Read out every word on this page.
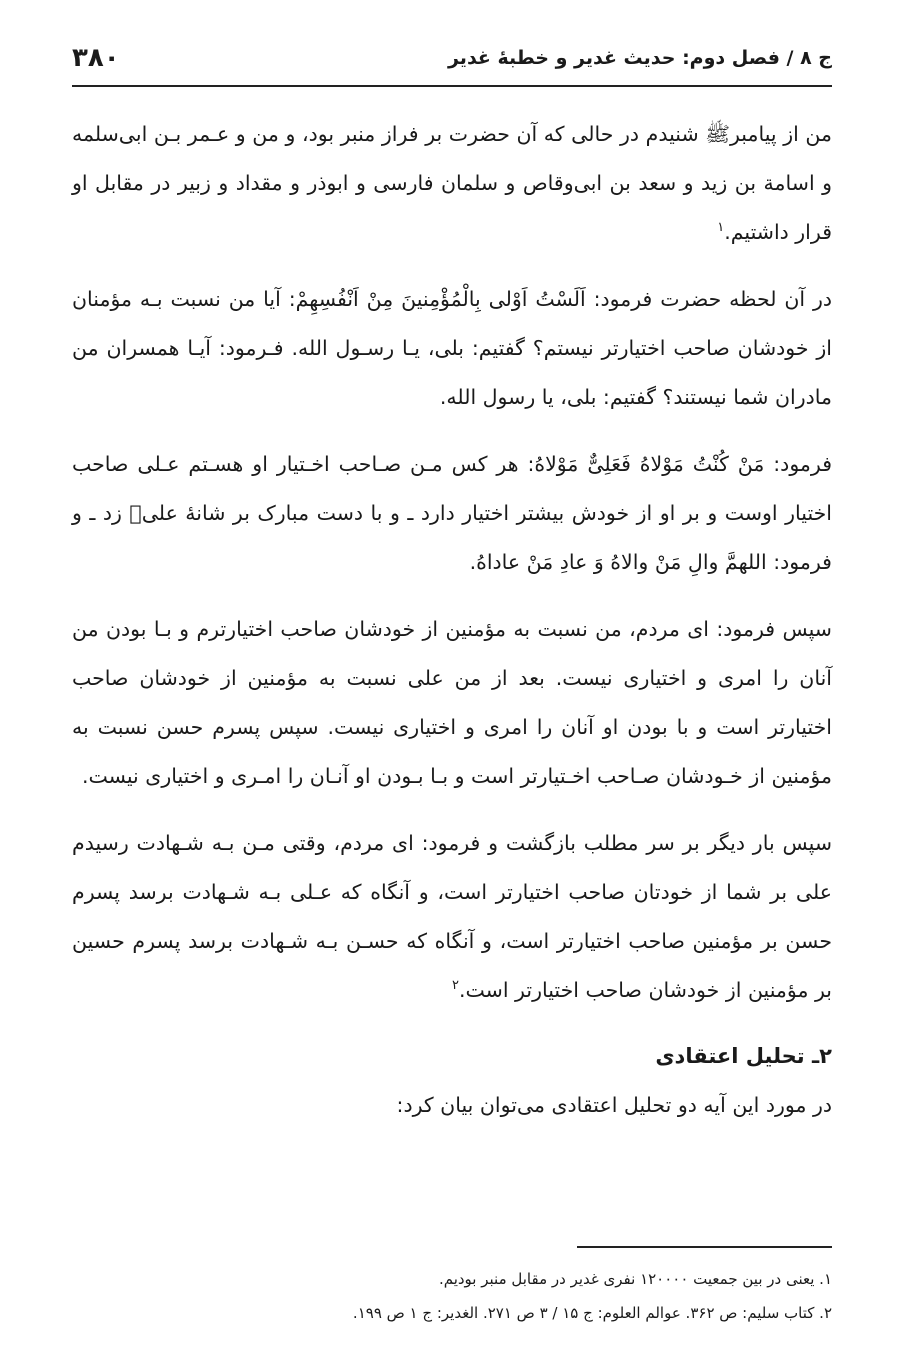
ج ۸ / فصل دوم: حديث غدیر و خطبۀ غدیر
۳۸۰

من از پیامبرﷺ شنیدم در حالی که آن حضرت بر فراز منبر بود، و من و عـمر بـن ابی‌سلمه و اسامة بن زید و سعد بن ابی‌وقاص و سلمان فارسی و ابوذر و مقداد و زبیر در مقابل او قرار داشتیم.$^۱$

در آن لحظه حضرت فرمود: اَلَسْتُ اَوْلی بِالْمُؤْمِنینَ مِنْ اَنْفُسِهِمْ: آیا من نسبت بـه مؤمنان از خودشان صاحب اختیارتر نیستم؟ گفتیم: بلی، یـا رسـول الله. فـرمود: آیـا همسران من مادران شما نیستند؟ گفتیم: بلی، یا رسول الله.

فرمود: مَنْ کُنْتُ مَوْلاهُ فَعَلِیٌّ مَوْلاهُ: هر کس مـن صـاحب اخـتیار او هسـتم عـلی صاحب اختیار اوست و بر او از خودش بیشتر اختیار دارد ـ و با دست مبارک بر شانۀ علیؑ زد ـ و فرمود: اللهمَّ والِ مَنْ والاهُ وَ عادِ مَنْ عاداهُ.

سپس فرمود: ای مردم، من نسبت به مؤمنین از خودشان صاحب اختیارترم و بـا بودن من آنان را امری و اختیاری نیست. بعد از من علی نسبت به مؤمنین از خودشان صاحب اختیارتر است و با بودن او آنان را امری و اختیاری نیست. سپس پسرم حسن نسبت به مؤمنین از خـودشان صـاحب اخـتیارتر است و بـا بـودن او آنـان را امـری و اختیاری نیست.

سپس بار دیگر بر سر مطلب بازگشت و فرمود: ای مردم، وقتی مـن بـه شـهادت رسیدم علی بر شما از خودتان صاحب اختیارتر است، و آنگاه که عـلی بـه شـهادت برسد پسرم حسن بر مؤمنین صاحب اختیارتر است، و آنگاه که حسـن بـه شـهادت برسد پسرم حسین بر مؤمنین از خودشان صاحب اختیارتر است.$^۲$

۲ـ تحلیل اعتقادی

در مورد این آیه دو تحلیل اعتقادی می‌توان بیان کرد:

۱. یعنی در بین جمعیت ۱۲۰۰۰۰ نفری غدیر در مقابل منبر بودیم.

۲. کتاب سلیم: ص ۳۶۲. عوالم العلوم: ج ۱۵ / ۳ ص ۲۷۱. الغدیر: ج ۱ ص ۱۹۹.
